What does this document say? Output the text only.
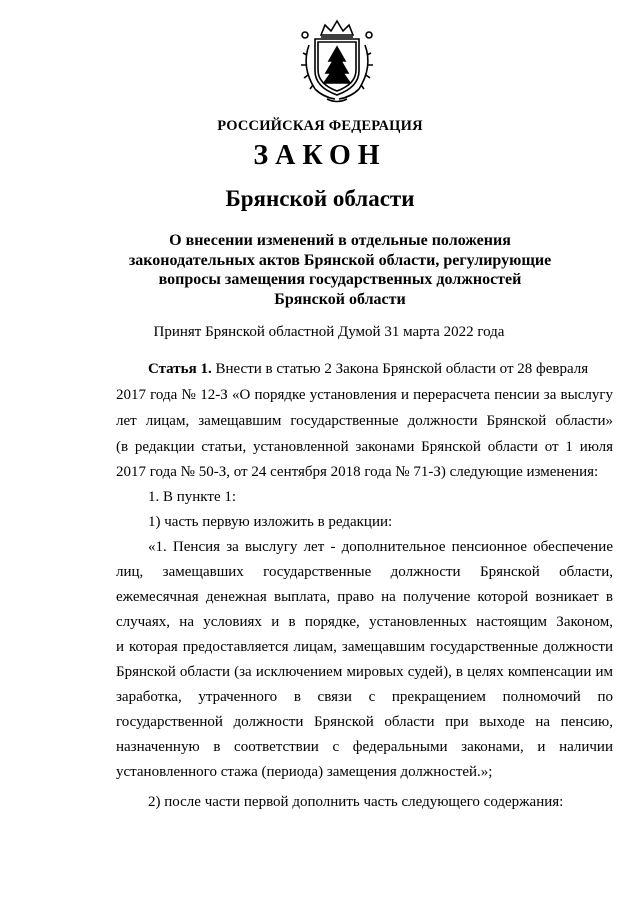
РОССИЙСКАЯ ФЕДЕРАЦИЯ
ЗАКОН
Брянской области
О внесении изменений в отдельные положения
законодательных актов Брянской области, регулирующие
вопросы замещения государственных должностей
Брянской области
Принят Брянской областной Думой 31 марта 2022 года
Статья 1. Внести в статью 2 Закона Брянской области от 28 февраля
2017 года № 12-З «О порядке установления и перерасчета пенсии за выслугу
лет лицам, замещавшим государственные должности Брянской области»
(в редакции статьи, установленной законами Брянской области от 1 июля
2017 года № 50-З, от 24 сентября 2018 года № 71-З) следующие изменения:
1. В пункте 1:
1) часть первую изложить в редакции:
«1. Пенсия за выслугу лет - дополнительное пенсионное обеспечение
лиц, замещавших государственные должности Брянской области,
ежемесячная денежная выплата, право на получение которой возникает в
случаях, на условиях и в порядке, установленных настоящим Законом,
и которая предоставляется лицам, замещавшим государственные должности
Брянской области (за исключением мировых судей), в целях компенсации им
заработка, утраченного в связи с прекращением полномочий по
государственной должности Брянской области при выходе на пенсию,
назначенную в соответствии с федеральными законами, и наличии
установленного стажа (периода) замещения должностей.»;
2) после части первой дополнить часть следующего содержания:
